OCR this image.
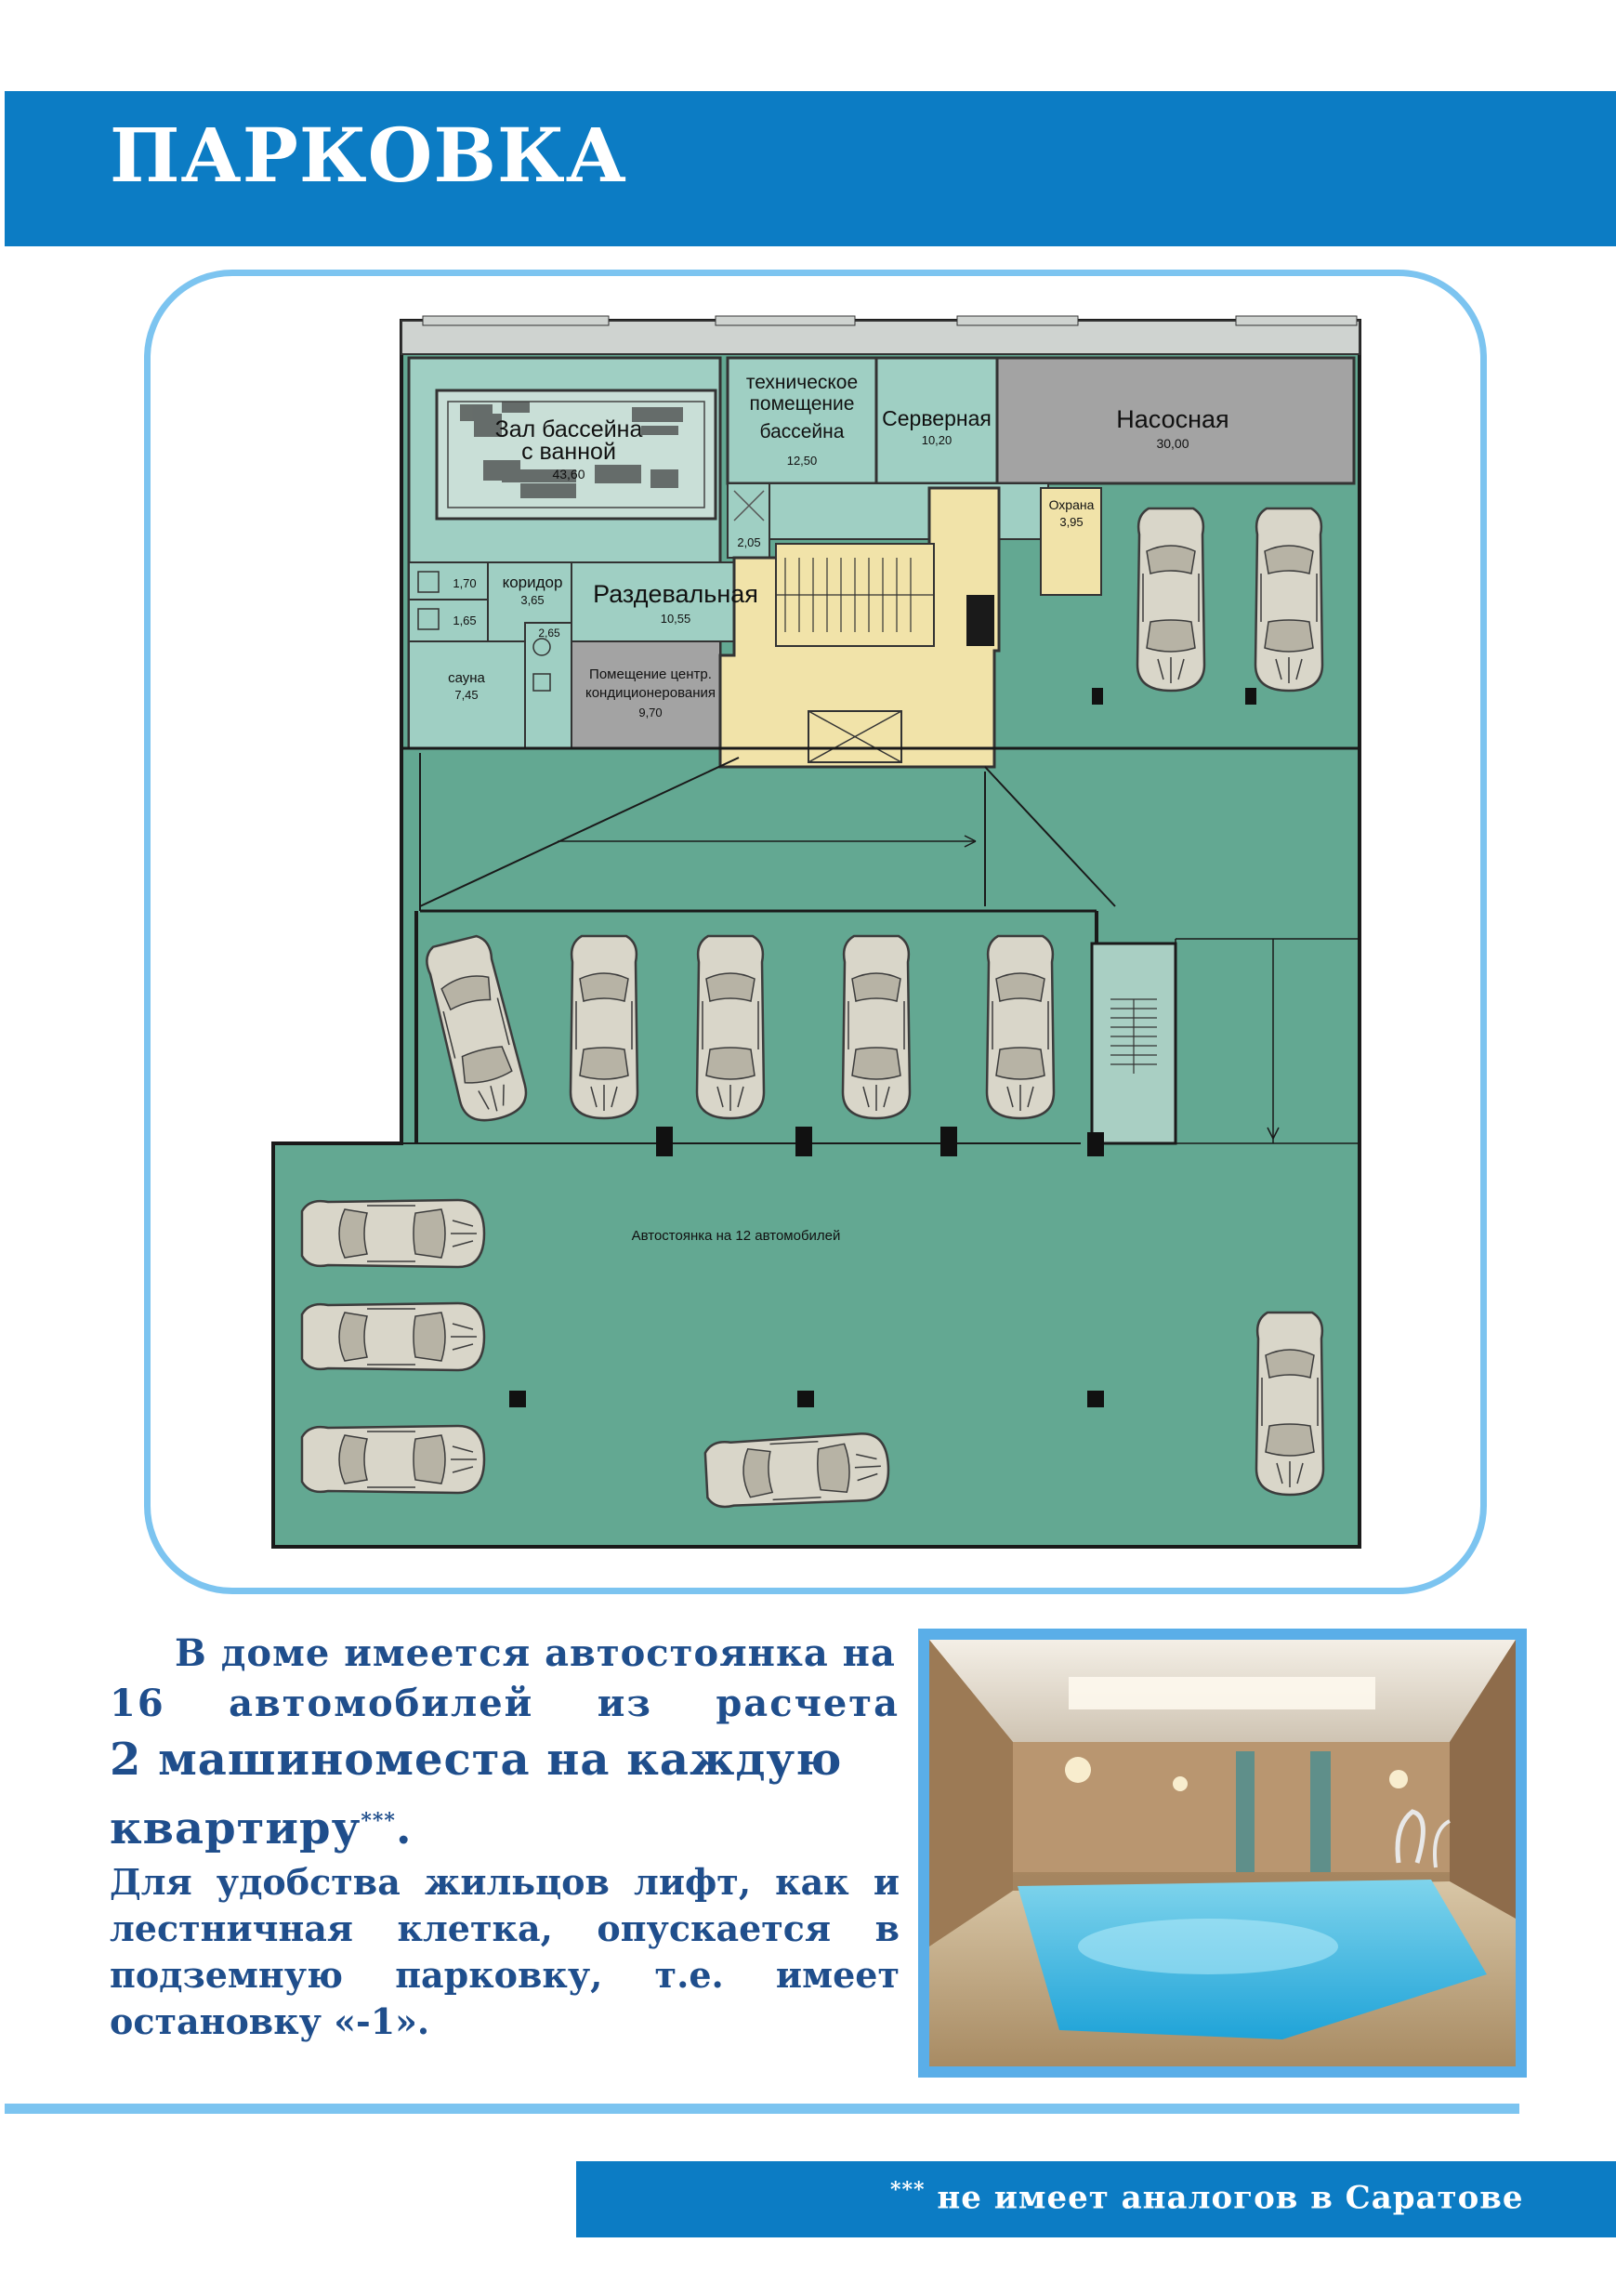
ПАРКОВКА
Зал бассейна
с ванной
43,60
техническое
помещение
бассейна
12,50
Серверная
10,20
Насосная
30,00
Охрана
3,95
2,05
1,70
1,65
коридор
3,65
2,65
Раздевальная
10,55
Помещение центр.
кондиционерования
9,70
сауна
7,45
Автостоянка на 12 автомобилей

В доме имеется автостоянка на

16 автомобилей из расчета

2 машиноместа на каждую

квартиру***.

Для удобства жильцов лифт, как и лестничная клетка, опускается в подземную парковку, т.е. имеет остановку «-1».

*** не имеет аналогов в Саратове
